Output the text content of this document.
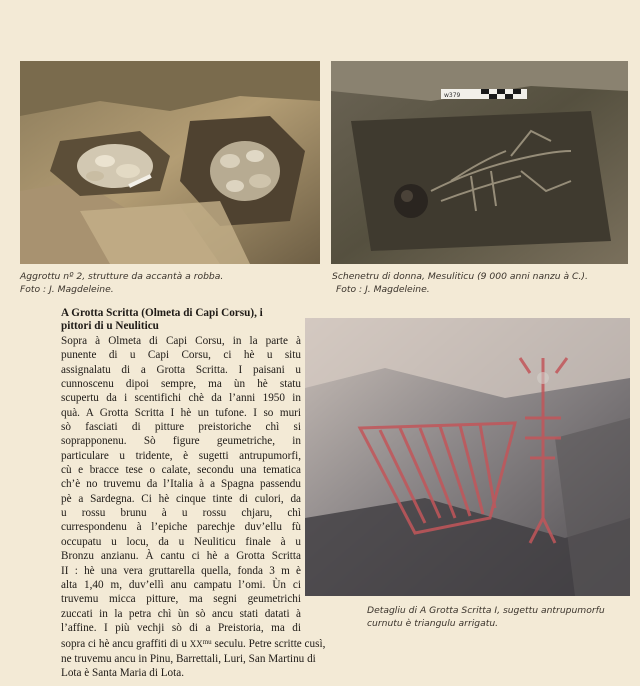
Aggrottu nº 2, strutture da accantà a robba.
Foto : J. Magdeleine.
w379
Schenetru di donna, Mesuliticu (9 000 anni nanzu à C.).
Foto : J. Magdeleine.
A Grotta Scritta (Olmeta di Capi Corsu), i
pittori di u Neuliticu
Sopra à Olmeta di Capi Corsu, in la parte à
punente di u Capi Corsu, ci hè u situ
assignalatu di a Grotta Scritta. I paisani u
cunnoscenu dipoi sempre, ma ùn hè statu
scupertu da i scentifichi chè da l’anni 1950 in
quà. A Grotta Scritta I hè un tufone. I so muri
sò fasciati di pitture preistoriche chì si
soprapponenu. Sò figure geumetriche, in
particulare u tridente, è sugetti antrupumorfi,
cù e bracce tese o calate, secondu una tematica
ch’è no truvemu da l’Italia à a Spagna passendu
pè a Sardegna. Ci hè cinque tinte di culori, da
u rossu brunu à u rossu chjaru, chì
currespondenu à l’epiche parechje duv’ellu fù
occupatu u locu, da u Neuliticu finale à u
Bronzu anzianu. À cantu ci hè a Grotta Scritta
II : hè una vera gruttarella quella, fonda 3 m è
alta 1,40 m, duv’ellì anu campatu l’omi. Ùn ci
truvemu micca pitture, ma segni geumetrichi
zuccati in la petra chì ùn sò ancu stati datati à
l’affine. I più vechji sò di a Preistoria, ma di
sopra ci hè ancu graffiti di u $XX^{mu}$ seculu. Petre scritte cusì,
ne truvemu ancu in Pinu, Barrettali, Luri, San Martinu di
Lota è Santa Maria di Lota.
Detagliu di A Grotta Scritta I, sugettu antrupumorfu
curnutu è triangulu arrigatu.
